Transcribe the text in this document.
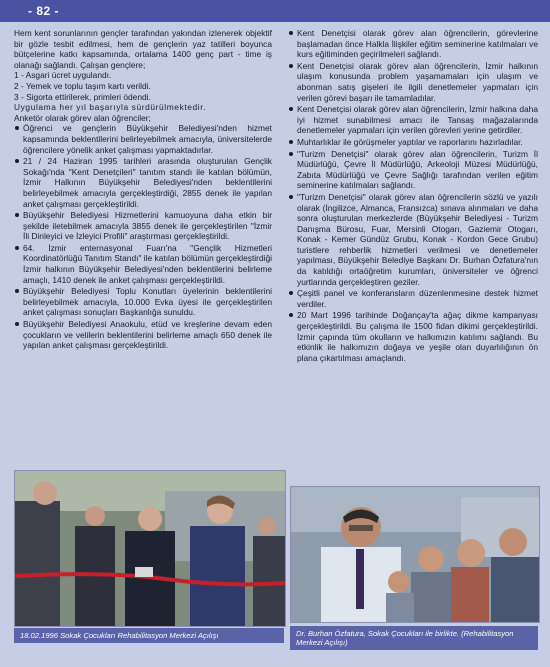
- 82 -

Hem kent sorunlarının gençler tarafından yakından izlenerek objektif bir gözle tesbit edilmesi, hem de gençlerin yaz tatilleri boyunca bütçelerine katkı kapsamında, ortalama 1400 genç part - time iş olanağı sağlandı. Çalışan gençlere;

1 - Asgari ücret uygulandı.

2 - Yemek ve toplu taşım kartı verildi.

3 - Sigorta ettirilerek, primleri ödendi.

Uygulama her yıl başarıyla sürdürülmektedir.

Anketör olarak görev alan öğrenciler;

Öğrenci ve gençlerin Büyükşehir Belediyesi'nden hizmet kapsamında beklentilerini belirleyebilmek amacıyla, üniversitelerde öğrencilere yönelik anket çalışması yapmaktadırlar.
21 / 24 Haziran 1995 tarihleri arasında oluşturulan Gençlik Sokağı'nda "Kent Denetçileri" tanıtım standı ile katılan bölümün, İzmir Halkının Büyükşehir Belediyesi'nden beklentilerini belirleyebilmek amacıyla gerçekleştirdiği, 2855 denek ile yapılan anket çalışması gerçekleştirildi.
Büyükşehir Belediyesi Hizmetlerini kamuoyuna daha etkin bir şekilde iletebilmek amacıyla 3855 denek ile gerçekleştirilen "İzmir İli Dinleyici ve İzleyici Profili" araştırması gerçekleştirildi.
64. İzmir enternasyonal Fuarı'na "Gençlik Hizmetleri Koordinatörlüğü Tanıtım Standı" ile katılan bölümün gerçekleştirdiği İzmir halkının Büyükşehir Belediyesi'nden beklentilerini belirleme amaçlı, 1410 denek ile anket çalışması gerçekleştirildi.
Büyükşehir Belediyesi Toplu Konutları üyelerinin beklentilerini belirleyebilmek amacıyla, 10.000 Evka üyesi ile gerçekleştirilen anket çalışması sonuçları Başkanlığa sunuldu.
Büyükşehir Belediyesi Anaokulu, etüd ve kreşlerine devam eden çocukların ve velilerin beklentilerini belirleme amaçlı 650 denek ile yapılan anket çalışması gerçekleştirildi.
Kent Denetçisi olarak görev alan öğrencilerin, görevlerine başlamadan önce Halkla İlişkiler eğitim seminerine katılmaları ve kurs eğitiminden geçirilmeleri sağlandı.
Kent Denetçisi olarak görev alan öğrencilerin, İzmir halkının ulaşım konusunda problem yaşamamaları için ulaşım ve abonman satış gişeleri ile ilgili denetlemeler yapmaları için verilen görevi başarı ile tamamladılar.
Kent Denetçisi olarak görev alan öğrencilerin, İzmir halkına daha iyi hizmet sunabilmesi amacı ile Tansaş mağazalarında denetlemeler yapmaları için verilen görevleri yerine getirdiler.
Muhtarlıklar ile görüşmeler yaptılar ve raporlarını hazırladılar.
"Turizm Denetçisi" olarak görev alan öğrencilerin, Turizm İl Müdürlüğü, Çevre İl Müdürlüğü, Arkeoloji Müzesi Müdürlüğü, Zabıta Müdürlüğü ve Çevre Sağlığı tarafından verilen eğitim seminerine katılmaları sağlandı.
"Turizm Denetçisi" olarak görev alan öğrencilerin sözlü ve yazılı olarak (İngilizce, Almanca, Fransızca) sınava alınmaları ve daha sonra oluşturulan merkezlerde (Büyükşehir Belediyesi - Turizm Danışma Bürosu, Fuar, Mersinli Otogarı, Gaziemir Otogarı, Konak - Kemer Gündüz Grubu, Konak - Kordon Gece Grubu) turistlere rehberlik hizmetleri verilmesi ve denetlemeler yapılması, Büyükşehir Belediye Başkanı Dr. Burhan Özfatura'nın da katıldığı ortaöğretim kurumları, üniversiteler ve öğrenci yurtlarında gerçekleştiren geziler.
Çeşitli panel ve konferansların düzenlenmesine destek hizmet verdiler.
20 Mart 1996 tarihinde Doğançay'ta ağaç dikme kampanyası gerçekleştirildi. Bu çalışma ile 1500 fidan dikimi gerçekleştirildi. İzmir çapında tüm okulların ve halkımızın katılımı sağlandı. Bu etkinlik ile halkımızın doğaya ve yeşile olan duyarlılığının ön plana çıkartılması amaçlandı.
18.02.1996 Sokak Çocukları Rehabilitasyon Merkezi Açılışı	Dr. Burhan Özfatura, Sokak Çocukları ile birlikte. (Rehabilitasyon Merkezi Açılışı)
